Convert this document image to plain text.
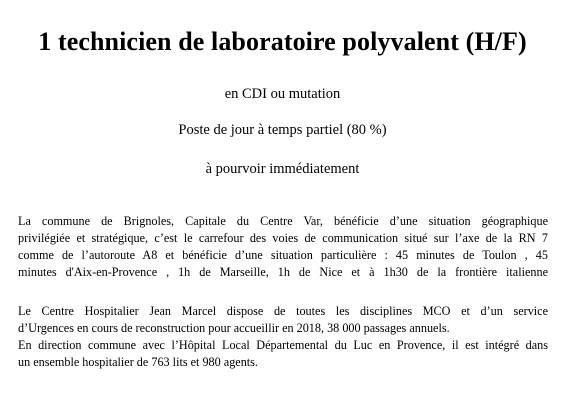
1 technicien de laboratoire polyvalent (H/F)
en CDI ou mutation
Poste de jour à temps partiel (80 %)
à pourvoir immédiatement
La commune de Brignoles, Capitale du Centre Var, bénéficie d’une situation géographique
privilégiée et stratégique, c’est le carrefour des voies de communication situé sur l’axe de la RN 7
comme de l’autoroute A8 et bénéficie d’une situation particulière : 45 minutes de Toulon , 45
minutes d'Aix-en-Provence , 1h de Marseille, 1h de Nice et à 1h30 de la frontière italienne
Le Centre Hospitalier Jean Marcel dispose de toutes les disciplines MCO et d’un service
d’Urgences en cours de reconstruction pour accueillir en 2018, 38 000 passages annuels.
En direction commune avec l’Hôpital Local Départemental du Luc en Provence, il est intégré dans
un ensemble hospitalier de 763 lits et 980 agents.
